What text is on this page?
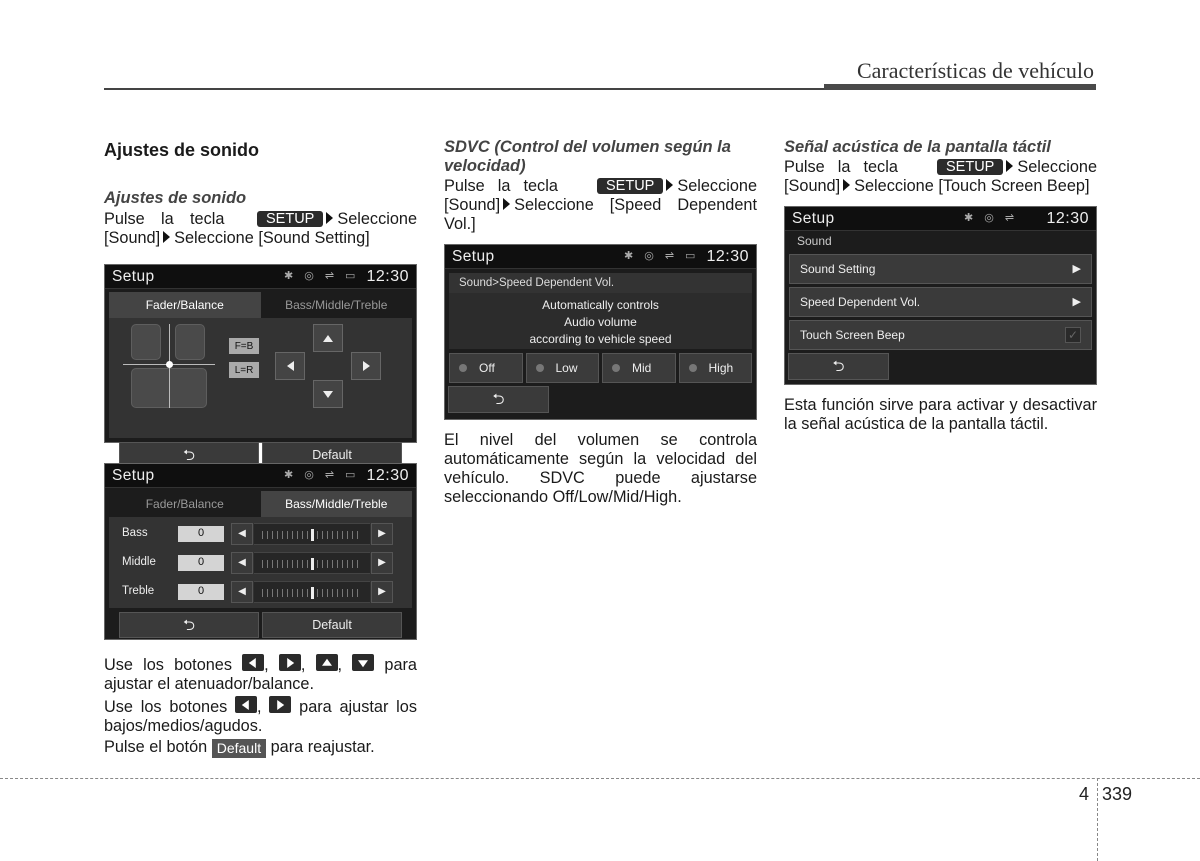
Características de vehículo
Ajustes de sonido
Ajustes de sonido
Pulse la tecla	SETUP Seleccione [Sound] Seleccione [Sound Setting]
Setup	✱ ◎ ⇌ ▭ 12:30
Fader/Balance	Bass/Middle/Treble
F=B
L=R
⮌	Default
Setup	✱ ◎ ⇌ ▭ 12:30
Fader/Balance	Bass/Middle/Treble
Bass	0	◀	▶
Middle	0	◀	▶
Treble	0	◀	▶
⮌	Default
Use los botones ,
,
,
para ajustar el atenuador/balance.
Use los botones ,
para ajustar los bajos/medios/agudos.
Pulse el botón Default para reajustar.
SDVC (Control del volumen según la velocidad)
Pulse la tecla	SETUP Seleccione [Sound] Seleccione [Speed Dependent Vol.]
Setup	✱ ◎ ⇌ ▭ 12:30
Sound>Speed Dependent Vol.
Automatically controls
Audio volume
according to vehicle speed
Off	Low	Mid	High
⮌
El nivel del volumen se controla automáticamente según la velocidad del vehículo. SDVC puede ajustarse seleccionando Off/Low/Mid/High.
Señal acústica de la pantalla táctil
Pulse la tecla	SETUP Seleccione [Sound] Seleccione [Touch Screen Beep]
Setup	✱ ◎ ⇌ 12:30
Sound
Sound Setting	▶
Speed Dependent Vol.	▶
Touch Screen Beep	✓
⮌
Esta función sirve para activar y desactivar la señal acústica de la pantalla táctil.
4 339
